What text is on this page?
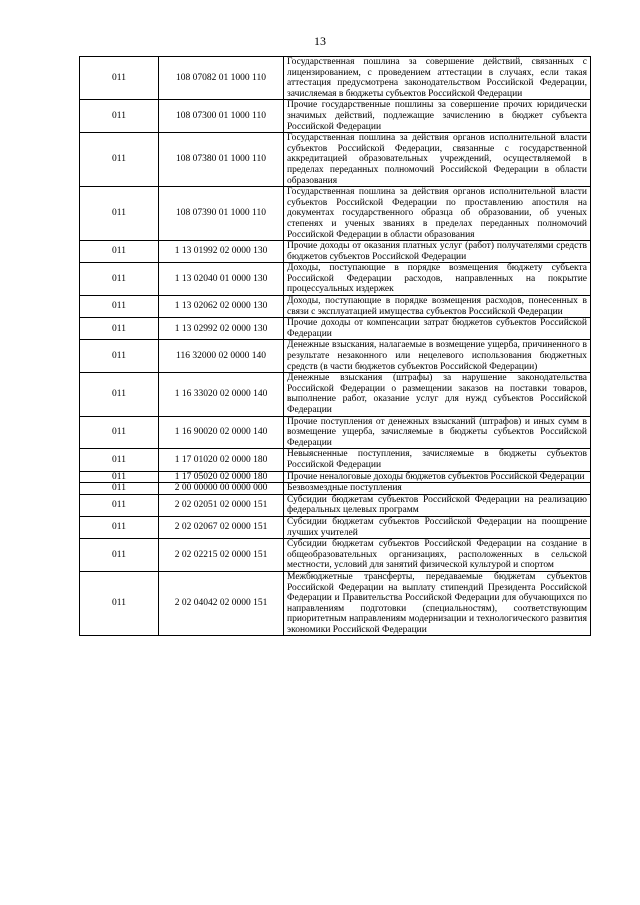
13
011	108 07082 01 1000 110	Государственная пошлина за совершение действий, связанных с лицензированием, с проведением аттестации в случаях, если такая аттестация предусмотрена законодательством Российской Федерации, зачисляемая в бюджеты субъектов Российской Федерации
011	108 07300 01 1000 110	Прочие государственные пошлины за совершение прочих юридически значимых действий, подлежащие зачислению в бюджет субъекта Российской Федерации
011	108 07380 01 1000 110	Государственная пошлина за действия органов исполнительной власти субъектов Российской Федерации, связанные с государственной аккредитацией образовательных учреждений, осуществляемой в пределах переданных полномочий Российской Федерации в области образования
011	108 07390 01 1000 110	Государственная пошлина за действия органов исполнительной власти субъектов Российской Федерации по проставлению апостиля на документах государственного образца об образовании, об ученых степенях и ученых званиях в пределах переданных полномочий Российской Федерации в области образования
011	1 13 01992 02 0000 130	Прочие доходы от оказания платных услуг (работ) получателями средств бюджетов субъектов Российской Федерации
011	1 13 02040 01 0000 130	Доходы, поступающие в порядке возмещения бюджету субъекта Российской Федерации расходов, направленных на покрытие процессуальных издержек
011	1 13 02062 02 0000 130	Доходы, поступающие в порядке возмещения расходов, понесенных в связи с эксплуатацией имущества субъектов Российской Федерации
011	1 13 02992 02 0000 130	Прочие доходы от компенсации затрат бюджетов субъектов Российской Федерации
011	116 32000 02 0000 140	Денежные взыскания, налагаемые в возмещение ущерба, причиненного в результате незаконного или нецелевого использования бюджетных средств (в части бюджетов субъектов Российской Федерации)
011	1 16 33020 02 0000 140	Денежные взыскания (штрафы) за нарушение законодательства Российской Федерации о размещении заказов на поставки товаров, выполнение работ, оказание услуг для нужд субъектов Российской Федерации
011	1 16 90020 02 0000 140	Прочие поступления от денежных взысканий (штрафов) и иных сумм в возмещение ущерба, зачисляемые в бюджеты субъектов Российской Федерации
011	1 17 01020 02 0000 180	Невыясненные поступления, зачисляемые в бюджеты субъектов Российской Федерации
011	1 17 05020 02 0000 180	Прочие неналоговые доходы бюджетов субъектов Российской Федерации
011	2 00 00000 00 0000 000	Безвозмездные поступления
011	2 02 02051 02 0000 151	Субсидии бюджетам субъектов Российской Федерации на реализацию федеральных целевых программ
011	2 02 02067 02 0000 151	Субсидии бюджетам субъектов Российской Федерации на поощрение лучших учителей
011	2 02 02215 02 0000 151	Субсидии бюджетам субъектов Российской Федерации на создание в общеобразовательных организациях, расположенных в сельской местности, условий для занятий физической культурой и спортом
011	2 02 04042 02 0000 151	Межбюджетные трансферты, передаваемые бюджетам субъектов Российской Федерации на выплату стипендий Президента Российской Федерации и Правительства Российской Федерации для обучающихся по направлениям подготовки (специальностям), соответствующим приоритетным направлениям модернизации и технологического развития экономики Российской Федерации
